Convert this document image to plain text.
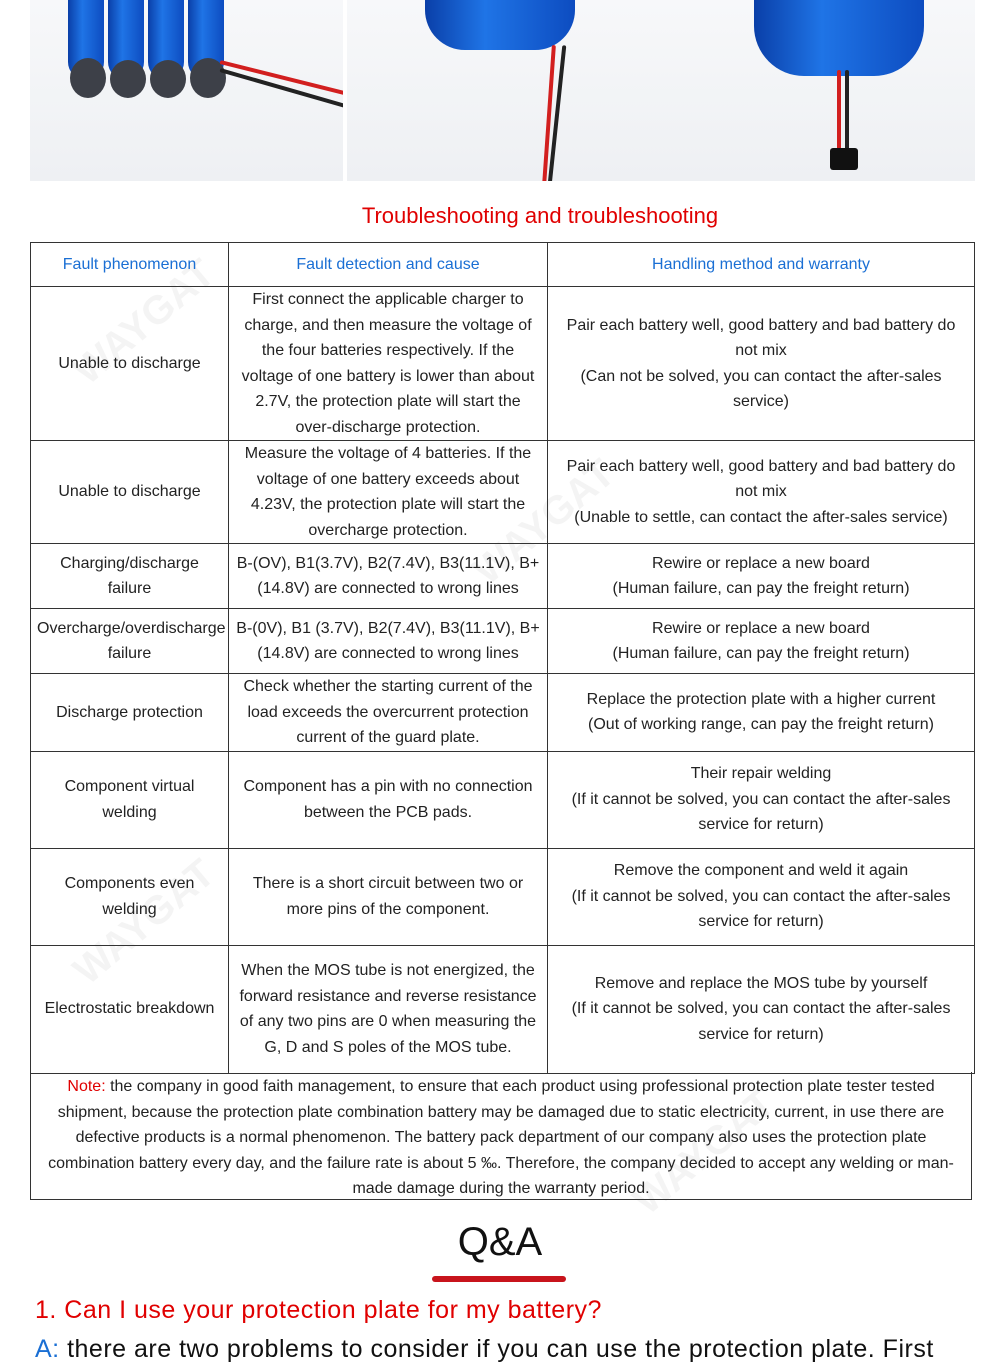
Troubleshooting and troubleshooting
Fault phenomenon	Fault detection and cause	Handling method and warranty
Unable to discharge	First connect the applicable charger to charge, and then measure the voltage of the four batteries respectively. If the voltage of one battery is lower than about 2.7V, the protection plate will start the over-discharge protection.	Pair each battery well, good battery and bad battery do not mix
(Can not be solved, you can contact the after-sales service)

Unable to discharge	Measure the voltage of 4 batteries. If the voltage of one battery exceeds about 4.23V, the protection plate will start the overcharge protection.	Pair each battery well, good battery and bad battery do not mix
(Unable to settle, can contact the after-sales service)

Charging/discharge failure	B-(OV), B1(3.7V), B2(7.4V), B3(11.1V), B+(14.8V) are connected to wrong lines	Rewire or replace a new board
(Human failure, can pay the freight return)

Overcharge/overdischarge failure	B-(0V), B1 (3.7V), B2(7.4V), B3(11.1V), B+(14.8V) are connected to wrong lines	Rewire or replace a new board
(Human failure, can pay the freight return)

Discharge protection	Check whether the starting current of the load exceeds the overcurrent protection current of the guard plate.	Replace the protection plate with a higher current
(Out of working range, can pay the freight return)

Component virtual welding	Component has a pin with no connection between the PCB pads.	Their repair welding
(If it cannot be solved, you can contact the after-sales service for return)

Components even welding	There is a short circuit between two or more pins of the component.	Remove the component and weld it again
(If it cannot be solved, you can contact the after-sales service for return)

Electrostatic breakdown	When the MOS tube is not energized, the forward resistance and reverse resistance of any two pins are 0 when measuring the G, D and S poles of the MOS tube.	Remove and replace the MOS tube by yourself
(If it cannot be solved, you can contact the after-sales service for return)
Note: the company in good faith management, to ensure that each product using professional protection plate tester tested shipment, because the protection plate combination battery may be damaged due to static electricity, current, in use there are defective products is a normal phenomenon. The battery pack department of our company also uses the protection plate combination battery every day, and the failure rate is about 5 ‰. Therefore, the company decided to accept any welding or man-made damage during the warranty period.
Q&A

1. Can I use your protection plate for my battery?

A: there are two problems to consider if you can use the protection plate. First
